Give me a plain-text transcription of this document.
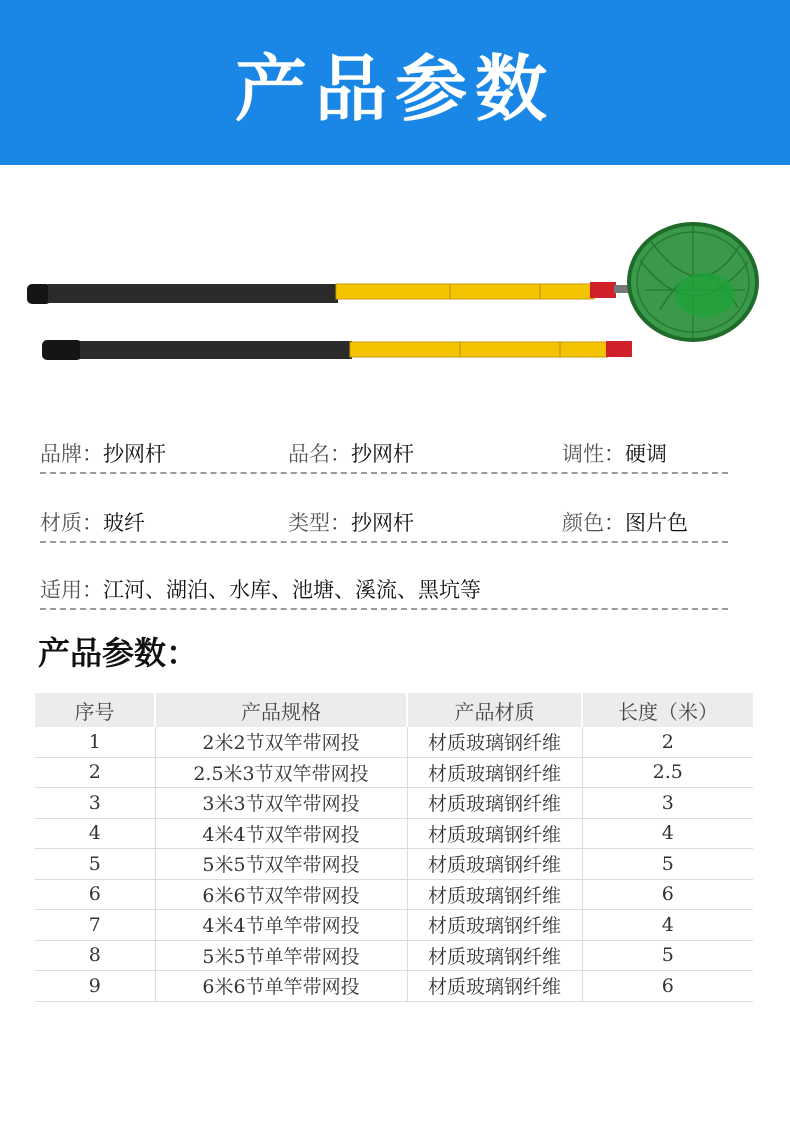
产品参数
品牌：抄网杆	品名：抄网杆	调性：硬调
材质：玻纤	类型：抄网杆	颜色：图片色
适用：江河、湖泊、水库、池塘、溪流、黑坑等
产品参数：
序号	产品规格	产品材质	长度（米）
1	2米2节双竿带网投	材质玻璃钢纤维	2
2	2.5米3节双竿带网投	材质玻璃钢纤维	2.5
3	3米3节双竿带网投	材质玻璃钢纤维	3
4	4米4节双竿带网投	材质玻璃钢纤维	4
5	5米5节双竿带网投	材质玻璃钢纤维	5
6	6米6节双竿带网投	材质玻璃钢纤维	6
7	4米4节单竿带网投	材质玻璃钢纤维	4
8	5米5节单竿带网投	材质玻璃钢纤维	5
9	6米6节单竿带网投	材质玻璃钢纤维	6
